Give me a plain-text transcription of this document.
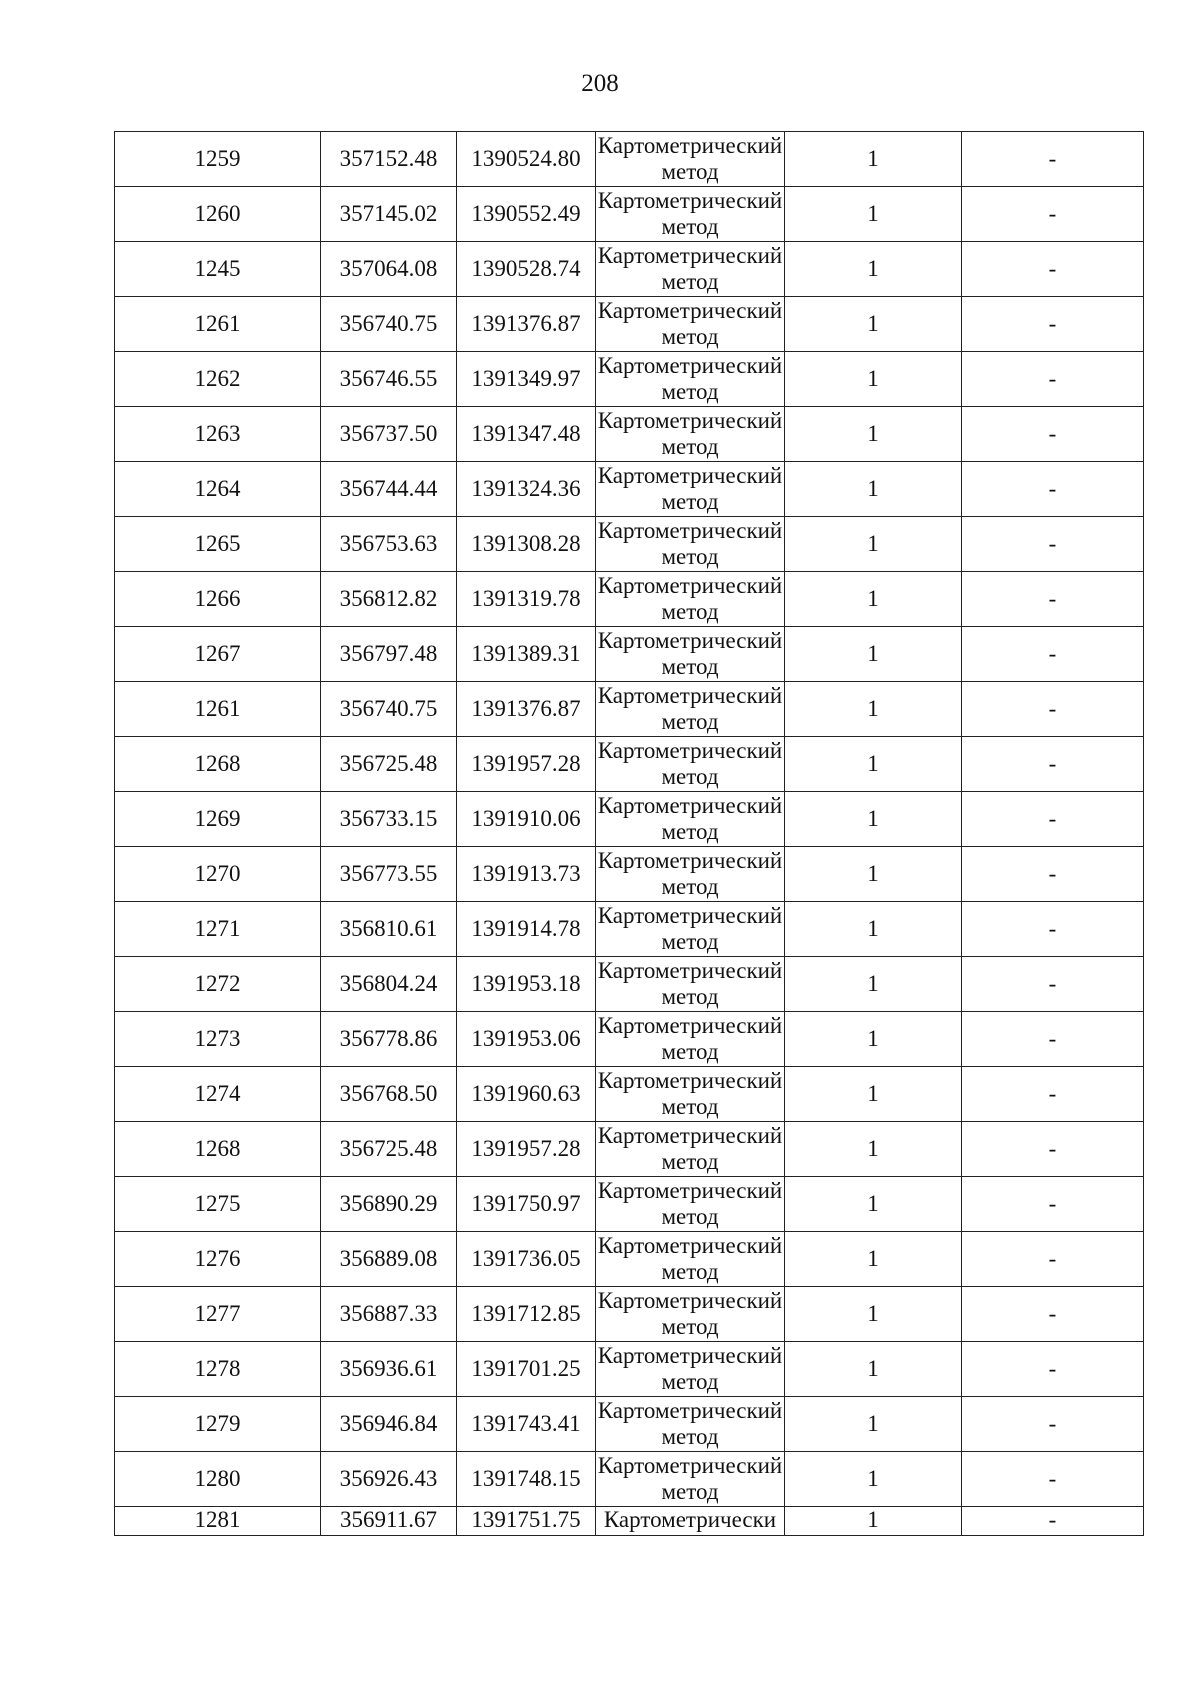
208
1259	357152.48	1390524.80	Картометрический метод	1	-
1260	357145.02	1390552.49	Картометрический метод	1	-
1245	357064.08	1390528.74	Картометрический метод	1	-
1261	356740.75	1391376.87	Картометрический метод	1	-
1262	356746.55	1391349.97	Картометрический метод	1	-
1263	356737.50	1391347.48	Картометрический метод	1	-
1264	356744.44	1391324.36	Картометрический метод	1	-
1265	356753.63	1391308.28	Картометрический метод	1	-
1266	356812.82	1391319.78	Картометрический метод	1	-
1267	356797.48	1391389.31	Картометрический метод	1	-
1261	356740.75	1391376.87	Картометрический метод	1	-
1268	356725.48	1391957.28	Картометрический метод	1	-
1269	356733.15	1391910.06	Картометрический метод	1	-
1270	356773.55	1391913.73	Картометрический метод	1	-
1271	356810.61	1391914.78	Картометрический метод	1	-
1272	356804.24	1391953.18	Картометрический метод	1	-
1273	356778.86	1391953.06	Картометрический метод	1	-
1274	356768.50	1391960.63	Картометрический метод	1	-
1268	356725.48	1391957.28	Картометрический метод	1	-
1275	356890.29	1391750.97	Картометрический метод	1	-
1276	356889.08	1391736.05	Картометрический метод	1	-
1277	356887.33	1391712.85	Картометрический метод	1	-
1278	356936.61	1391701.25	Картометрический метод	1	-
1279	356946.84	1391743.41	Картометрический метод	1	-
1280	356926.43	1391748.15	Картометрический метод	1	-
1281	356911.67	1391751.75	Картометрически	1	-
